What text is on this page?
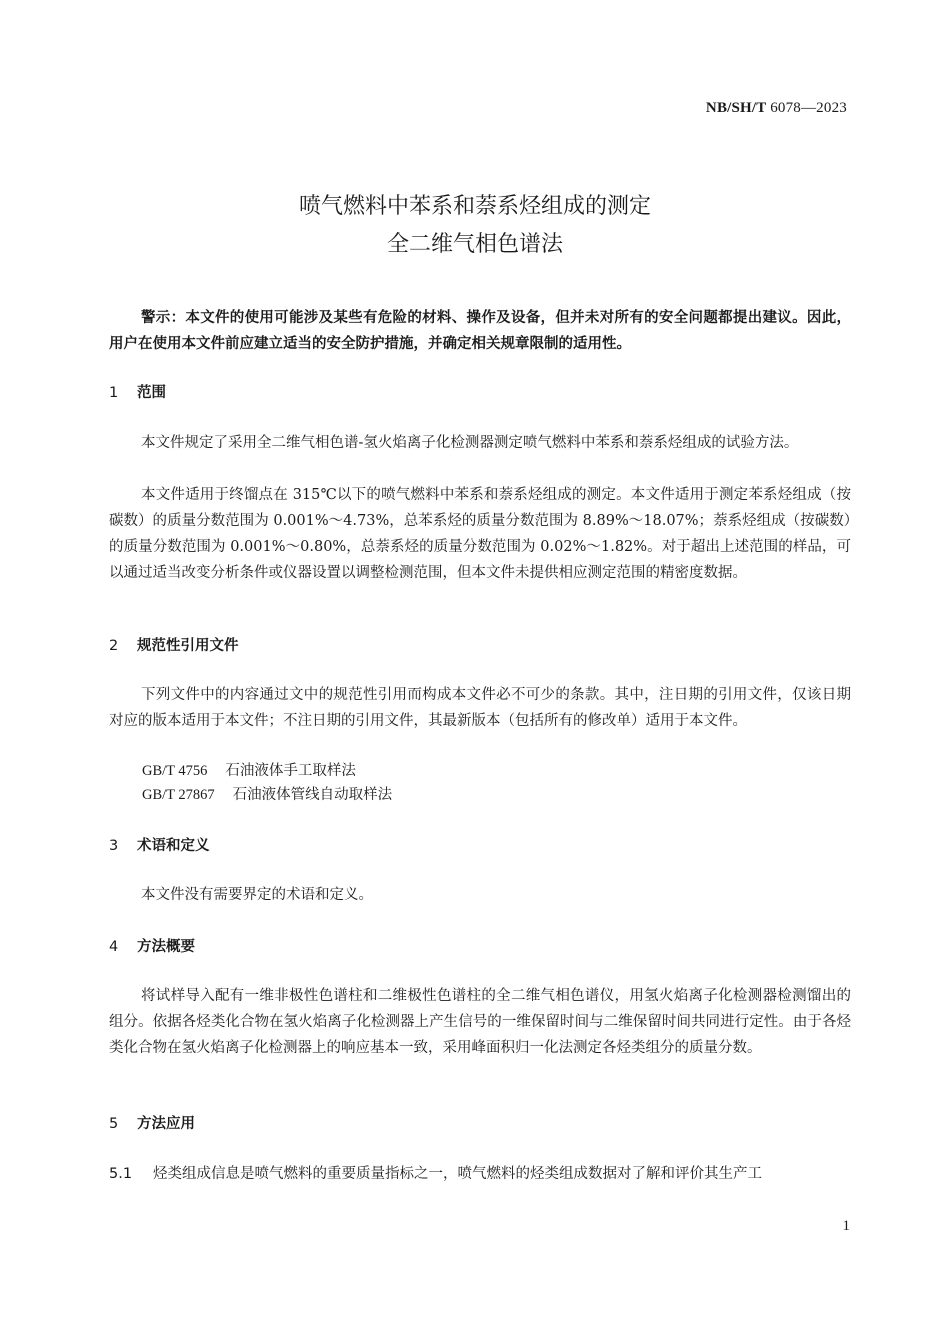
NB/SH/T 6078—2023
喷气燃料中苯系和萘系烃组成的测定
全二维气相色谱法
警示：本文件的使用可能涉及某些有危险的材料、操作及设备，但并未对所有的安全问题都提出建议。因此，用户在使用本文件前应建立适当的安全防护措施，并确定相关规章限制的适用性。
1 范围
本文件规定了采用全二维气相色谱-氢火焰离子化检测器测定喷气燃料中苯系和萘系烃组成的试验方法。
本文件适用于终馏点在 315℃以下的喷气燃料中苯系和萘系烃组成的测定。本文件适用于测定苯系烃组成（按碳数）的质量分数范围为 0.001%～4.73%，总苯系烃的质量分数范围为 8.89%～18.07%；萘系烃组成（按碳数）的质量分数范围为 0.001%～0.80%，总萘系烃的质量分数范围为 0.02%～1.82%。对于超出上述范围的样品，可以通过适当改变分析条件或仪器设置以调整检测范围，但本文件未提供相应测定范围的精密度数据。
2 规范性引用文件
下列文件中的内容通过文中的规范性引用而构成本文件必不可少的条款。其中，注日期的引用文件，仅该日期对应的版本适用于本文件；不注日期的引用文件，其最新版本（包括所有的修改单）适用于本文件。
GB/T 4756 石油液体手工取样法
GB/T 27867 石油液体管线自动取样法
3 术语和定义
本文件没有需要界定的术语和定义。
4 方法概要
将试样导入配有一维非极性色谱柱和二维极性色谱柱的全二维气相色谱仪，用氢火焰离子化检测器检测馏出的组分。依据各烃类化合物在氢火焰离子化检测器上产生信号的一维保留时间与二维保留时间共同进行定性。由于各烃类化合物在氢火焰离子化检测器上的响应基本一致，采用峰面积归一化法测定各烃类组分的质量分数。
5 方法应用
5.1 烃类组成信息是喷气燃料的重要质量指标之一，喷气燃料的烃类组成数据对了解和评价其生产工
1
